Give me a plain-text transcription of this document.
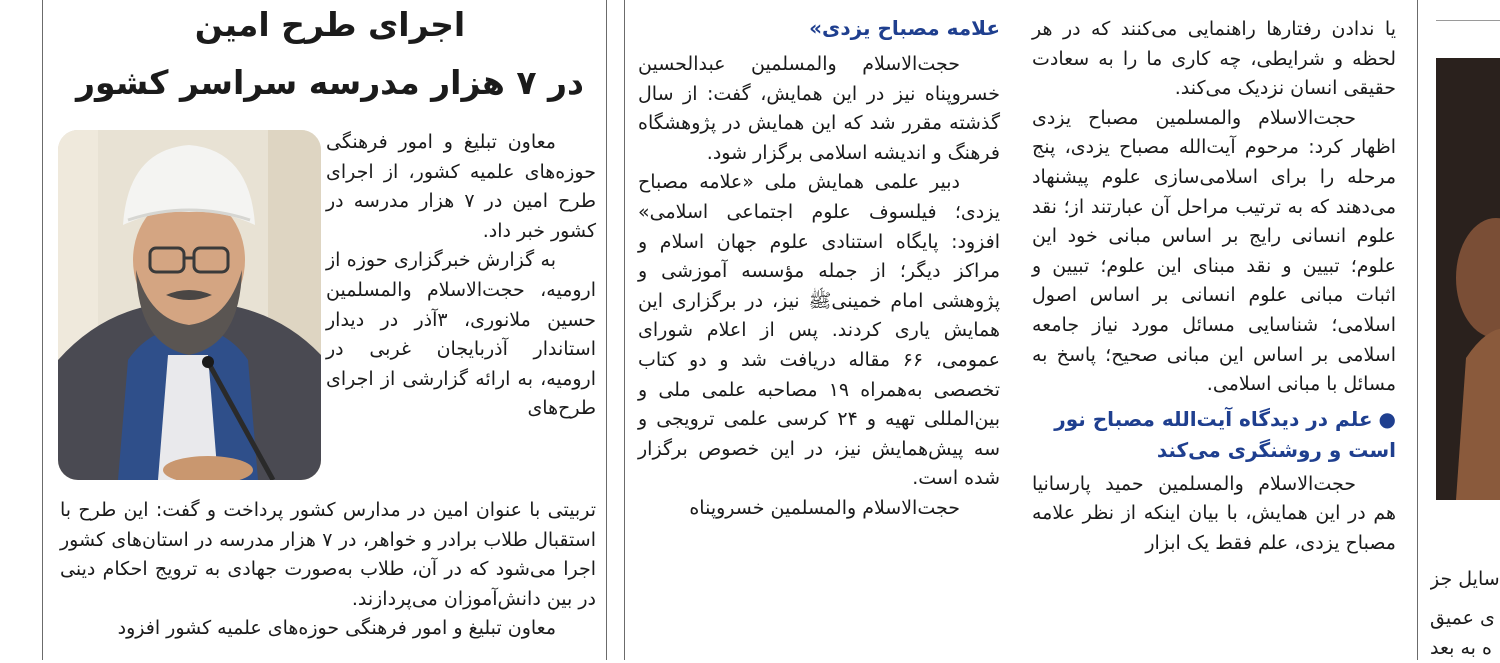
اجرای طرح امین
در ۷ هزار مدرسه سراسر کشور

معاون تبلیغ و امور فرهنگی حوزه‌های علمیه کشور، از اجرای طرح امین در ۷ هزار مدرسه در کشور خبر داد.

به گزارش خبرگزاری حوزه از ارومیه، حجت‌الاسلام والمسلمین حسین ملانوری، ۳آذر در دیدار استاندار آذربایجان غربی در ارومیه، به ارائه گزارشی از اجرای طرح‌های

تربیتی با عنوان امین در مدارس کشور پرداخت و گفت: این طرح با استقبال طلاب برادر و خواهر، در ۷ هزار مدرسه در استان‌های کشور اجرا می‌شود که در آن، طلاب به‌صورت جهادی به ترویج احکام دینی در بین دانش‌آموزان می‌پردازند.

معاون تبلیغ و امور فرهنگی حوزه‌های علمیه کشور افزود

علامه مصباح یزدی»

حجت‌الاسلام والمسلمین عبدالحسین خسروپناه نیز در این همایش، گفت: از سال گذشته مقرر شد که این همایش در پژوهشگاه فرهنگ و اندیشه اسلامی برگزار شود.

دبیر علمی همایش ملی «علامه مصباح یزدی؛ فیلسوف علوم اجتماعی اسلامی» افزود: پایگاه استنادی علوم جهان اسلام و مراکز دیگر؛ از جمله مؤسسه آموزشی و پژوهشی امام خمینیﷺ نیز، در برگزاری این همایش یاری کردند. پس از اعلام شورای عمومی، ۶۶ مقاله دریافت شد و دو کتاب تخصصی به‌همراه ۱۹ مصاحبه علمی ملی و بین‌المللی تهیه و ۲۴ کرسی علمی ترویجی و سه پیش‌همایش نیز، در این خصوص برگزار شده است.

حجت‌الاسلام والمسلمین خسروپناه

یا ندادن رفتارها راهنمایی می‌کنند که در هر لحظه و شرایطی، چه کاری ما را به سعادت حقیقی انسان نزدیک می‌کند.

حجت‌الاسلام والمسلمین مصباح یزدی اظهار کرد: مرحوم آیت‌الله مصباح یزدی، پنج مرحله را برای اسلامی‌سازی علوم پیشنهاد می‌دهند که به ترتیب مراحل آن عبارتند از؛ نقد علوم انسانی رایج بر اساس مبانی خود این علوم؛ تبیین و نقد مبنای این علوم؛ تبیین و اثبات مبانی علوم انسانی بر اساس اصول اسلامی؛ شناسایی مسائل مورد نیاز جامعه اسلامی بر اساس این مبانی صحیح؛ پاسخ به مسائل با مبانی اسلامی.

●علم در دیدگاه آیت‌الله مصباح نور است و روشنگری می‌کند

حجت‌الاسلام والمسلمین حمید پارسانیا هم در این همایش، با بیان اینکه از نظر علامه مصباح یزدی، علم فقط یک ابزار

سایل جز
ی عمیق
ه به بعد
